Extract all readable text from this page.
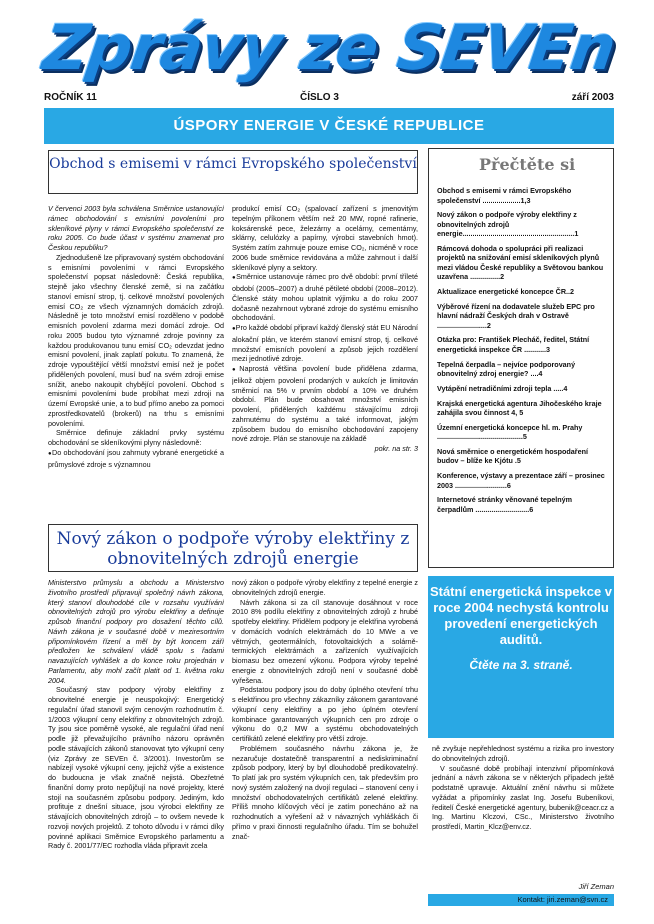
Zprávy ze SEVEn
ROČNÍK 11	ČÍSLO 3	září 2003
ÚSPORY ENERGIE V ČESKÉ REPUBLICE
Obchod s emisemi v rámci Evropského společenství

V červenci 2003 byla schválena Směrnice ustanovující rámec obchodování s emisními povoleními pro skleníkové plyny v rámci Evropského společenství ze roku 2005. Co bude účast v systému znamenat pro Českou republiku?

Zjednodušeně lze připravovaný systém obchodování s emisními povoleními v rámci Evropského společenství popsat následovně: Česká republika, stejně jako všechny členské země, si na začátku stanoví emisní strop, tj. celkové množství povolených emisí CO₂ ze všech významných domácích zdrojů. Následně je toto množství emisí rozděleno v podobě emisních povolení zdarma mezi domácí zdroje. Od roku 2005 budou tyto významné zdroje povinny za každou produkovanou tunu emisí CO₂ odevzdat jedno emisní povolení, jinak zaplatí pokutu. To znamená, že zdroje vypouštějící větší množství emisí než je počet přidělených povolení, musí buď na svém zdroji emise snížit, anebo nakoupit chybějící povolení. Obchod s emisními povoleními bude probíhat mezi zdroji na území Evropské unie, a to buď přímo anebo za pomoci zprostředkovatelů (brokerů) na trhu s emisními povoleními.

Směrnice definuje základní prvky systému obchodování se skleníkovými plyny následovně:

● Do obchodování jsou zahrnuty vybrané energetické a průmyslové zdroje s významnou

produkcí emisí CO₂ (spalovací zařízení s jmenovitým tepelným příkonem větším než 20 MW, ropné rafinerie, koksárenské pece, železárny a ocelárny, cementárny, sklárny, celulózky a papírny, výrobci stavebních hmot). Systém zatím zahrnuje pouze emise CO₂, nicméně v roce 2006 bude směrnice revidována a může zahrnout i další skleníkové plyny a sektory.

● Směrnice ustanovuje rámec pro dvě období: první tříleté období (2005–2007) a druhé pětileté období (2008–2012). Členské státy mohou uplatnit výjimku a do roku 2007 dočasně nezahrnout vybrané zdroje do systému emisního obchodování.

● Pro každé období připraví každý členský stát EU Národní alokační plán, ve kterém stanoví emisní strop, tj. celkové množství emisních povolení a způsob jejich rozdělení mezi jednotlivé zdroje.

● Naprostá většina povolení bude přidělena zdarma, jelikož objem povolení prodaných v aukcích je limitován směrnicí na 5% v prvním období a 10% ve druhém období. Plán bude obsahovat množství emisních povolení, přidělených každému stávajícímu zdroji zahrnutému do systému a také informovat, jakým způsobem budou do emisního obchodování zapojeny nové zdroje. Plán se stanovuje na základě

pokr. na str. 3

Nový zákon o podpoře výroby elektřiny z obnovitelných zdrojů energie

Ministerstvo průmyslu a obchodu a Ministerstvo životního prostředí připravují společný návrh zákona, který stanoví dlouhodobé cíle v rozsahu využívání obnovitelných zdrojů pro výrobu elektřiny a definuje způsob finanční podpory pro dosažení těchto cílů. Návrh zákona je v současné době v meziresortním připomínkovém řízení a měl by být koncem září předložen ke schválení vládě spolu s řadami navazujících vyhlášek a do konce roku projednán v Parlamentu, aby mohl začít platit od 1. května roku 2004.

Současný stav podpory výroby elektřiny z obnovitelné energie je neuspokojivý: Energetický regulační úřad stanovil svým cenovým rozhodnutím č. 1/2003 výkupní ceny elektřiny z obnovitelných zdrojů. Ty jsou sice poměrně vysoké, ale regulační úřad není podle již převažujícího právního názoru oprávněn podle stávajících zákonů stanovovat tyto výkupní ceny (viz Zprávy ze SEVEn č. 3/2001). Investorům se nabízejí vysoké výkupní ceny, jejichž výše a existence do budoucna je však značně nejistá. Obezřetné finanční domy proto nepůjčují na nové projekty, které stojí na současném způsobu podpory. Jediným, kdo profituje z dnešní situace, jsou výrobci elektřiny ze stávajících obnovitelných zdrojů – to ovšem nevede k rozvoji nových projektů. Z tohoto důvodu i v rámci díky povinné aplikaci Směrnice Evropského parlamentu a Rady č. 2001/77/EC rozhodla vláda připravit zcela

nový zákon o podpoře výroby elektřiny z tepelné energie z obnovitelných zdrojů energie.

Návrh zákona si za cíl stanovuje dosáhnout v roce 2010 8% podílu elektřiny z obnovitelných zdrojů z hrubé spotřeby elektřiny. Přidělem podpory je elektřina vyrobená v domácích vodních elektrárnách do 10 MWe a ve větrných, geotermálních, fotovoltaických a solárně-termických elektrárnách a zařízeních využívajících biomasu bez omezení výkonu. Podpora výroby tepelné energie z obnovitelných zdrojů není v současné době vyřešena.

Podstatou podpory jsou do doby úplného otevření trhu s elektřinou pro všechny zákazníky zákonem garantované výkupní ceny elektřiny a po jeho úplném otevření kombinace garantovaných výkupních cen pro zdroje o výkonu do 0,2 MW a systému obchodovatelných certifikátů zelené elektřiny pro větší zdroje.

Problémem současného návrhu zákona je, že nezaručuje dostatečně transparentní a nediskriminační způsob podpory, který by byl dlouhodobě predikovatelný. To platí jak pro systém výkupních cen, tak především pro nový systém založený na dvojí regulaci – stanovení ceny i množství obchodovatelných certifikátů zelené elektřiny. Příliš mnoho klíčových věcí je zatím ponecháno až na rozhodnutích a vyřešení až v návazných vyhláškách či přímo v praxi činnosti regulačního úřadu. Tím se bohužel znač-

ně zvyšuje nepřehlednost systému a rizika pro investory do obnovitelných zdrojů.

V současné době probíhají intenzivní připomínková jednání a návrh zákona se v některých případech ještě podstatně upravuje. Aktuální znění návrhu si můžete vyžádat a připomínky zaslat Ing. Josefu Bubeníkovi, ředitelí České energetické agentury, bubenik@ceacr.cz a Ing. Martinu Klczovi, CSc., Ministerstvo životního prostředí, Martin_Klcz@env.cz.

Jiří Zeman
Kontakt: jiri.zeman@svn.cz
Přečtěte si
Obchod s emisemi v rámci Evropského společenství ...................1,3
Nový zákon o podpoře výroby elektřiny z obnovitelných zdrojů energie........................................................1
Rámcová dohoda o spolupráci při realizaci projektů na snižování emisí skleníkových plynů mezi vládou České republiky a Světovou bankou uzavřena ...............2
Aktualizace energetické koncepce ČR..2
Výběrové řízení na dodavatele služeb EPC pro hlavní nádraží Českých drah v Ostravě .........................2
Otázka pro: František Plecháč, ředitel, Státní energetická inspekce ČR ...........3
Tepelná čerpadla – nejvíce podporovaný obnovitelný zdroj energie? ....4
Vytápění netradičními zdroji tepla .....4
Krajská energetická agentura Jihočeského kraje zahájila svou činnost 4, 5
Územní energetická koncepce hl. m. Prahy ...........................................5
Nová směrnice o energetickém hospodaření budov – blíže ke Kjótu .5
Konference, výstavy a prezentace září – prosinec 2003 ..........................6
Internetové stránky věnované tepelným čerpadlům ...........................6
Státní energetická inspekce v roce 2004 nechystá kontrolu provedení energetických auditů.
Čtěte na 3. straně.
